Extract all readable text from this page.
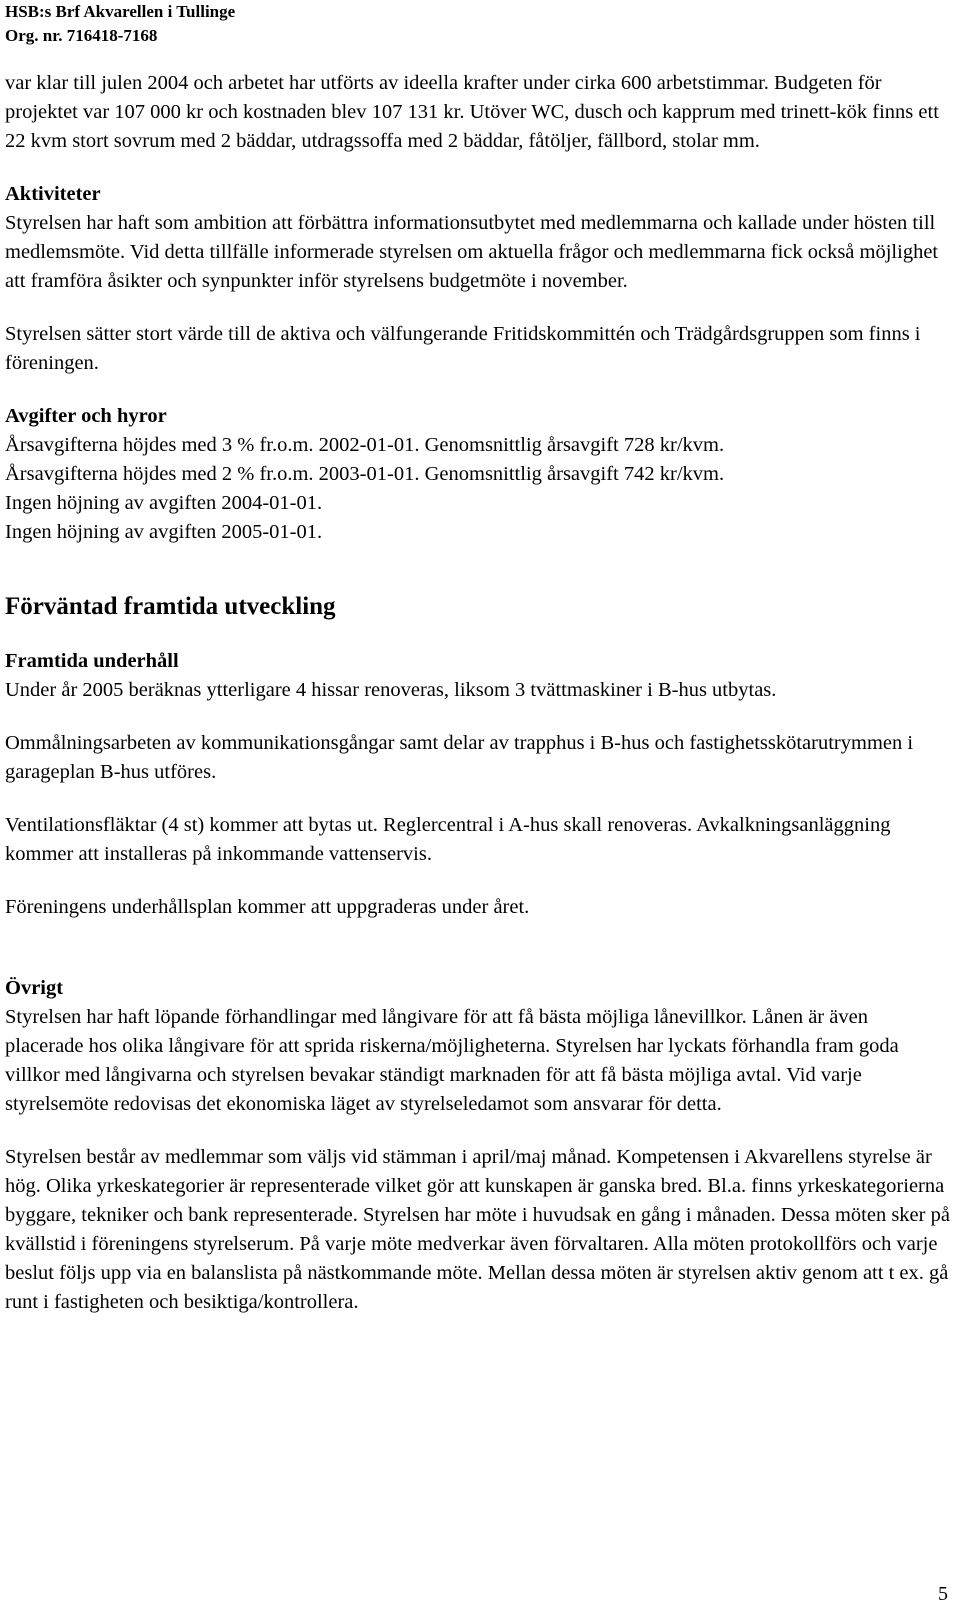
HSB:s Brf Akvarellen i Tullinge
Org. nr. 716418-7168

var klar till julen 2004 och arbetet har utförts av ideella krafter under cirka 600 arbetstimmar. Budgeten för projektet var 107 000 kr och kostnaden blev 107 131 kr. Utöver WC, dusch och kapprum med trinett-kök finns ett 22 kvm stort sovrum med 2 bäddar, utdragssoffa med 2 bäddar, fåtöljer, fällbord, stolar mm.

Aktiviteter

Styrelsen har haft som ambition att förbättra informationsutbytet med medlemmarna och kallade under hösten till medlemsmöte. Vid detta tillfälle informerade styrelsen om aktuella frågor och medlemmarna fick också möjlighet att framföra åsikter och synpunkter inför styrelsens budgetmöte i november.

Styrelsen sätter stort värde till de aktiva och välfungerande Fritidskommittén och Trädgårdsgruppen som finns i föreningen.

Avgifter och hyror

Årsavgifterna höjdes med 3 % fr.o.m. 2002-01-01. Genomsnittlig årsavgift 728 kr/kvm.

Årsavgifterna höjdes med 2 % fr.o.m. 2003-01-01. Genomsnittlig årsavgift 742 kr/kvm.

Ingen höjning av avgiften 2004-01-01.

Ingen höjning av avgiften 2005-01-01.

Förväntad framtida utveckling
Framtida underhåll

Under år 2005 beräknas ytterligare 4 hissar renoveras, liksom 3 tvättmaskiner i B-hus utbytas.

Ommålningsarbeten av kommunikationsgångar samt delar av trapphus i B-hus och fastighetsskötarutrymmen i garageplan B-hus utföres.

Ventilationsfläktar (4 st) kommer att bytas ut. Reglercentral i A-hus skall renoveras. Avkalkningsanläggning kommer att installeras på inkommande vattenservis.

Föreningens underhållsplan kommer att uppgraderas under året.

Övrigt

Styrelsen har haft löpande förhandlingar med långivare för att få bästa möjliga lånevillkor. Lånen är även placerade hos olika långivare för att sprida riskerna/möjligheterna. Styrelsen har lyckats förhandla fram goda villkor med långivarna och styrelsen bevakar ständigt marknaden för att få bästa möjliga avtal. Vid varje styrelsemöte redovisas det ekonomiska läget av styrelseledamot som ansvarar för detta.

Styrelsen består av medlemmar som väljs vid stämman i april/maj månad. Kompetensen i Akvarellens styrelse är hög. Olika yrkeskategorier är representerade vilket gör att kunskapen är ganska bred. Bl.a. finns yrkeskategorierna byggare, tekniker och bank representerade. Styrelsen har möte i huvudsak en gång i månaden. Dessa möten sker på kvällstid i föreningens styrelserum. På varje möte medverkar även förvaltaren. Alla möten protokollförs och varje beslut följs upp via en balanslista på nästkommande möte. Mellan dessa möten är styrelsen aktiv genom att t ex. gå runt i fastigheten och besiktiga/kontrollera.

5
